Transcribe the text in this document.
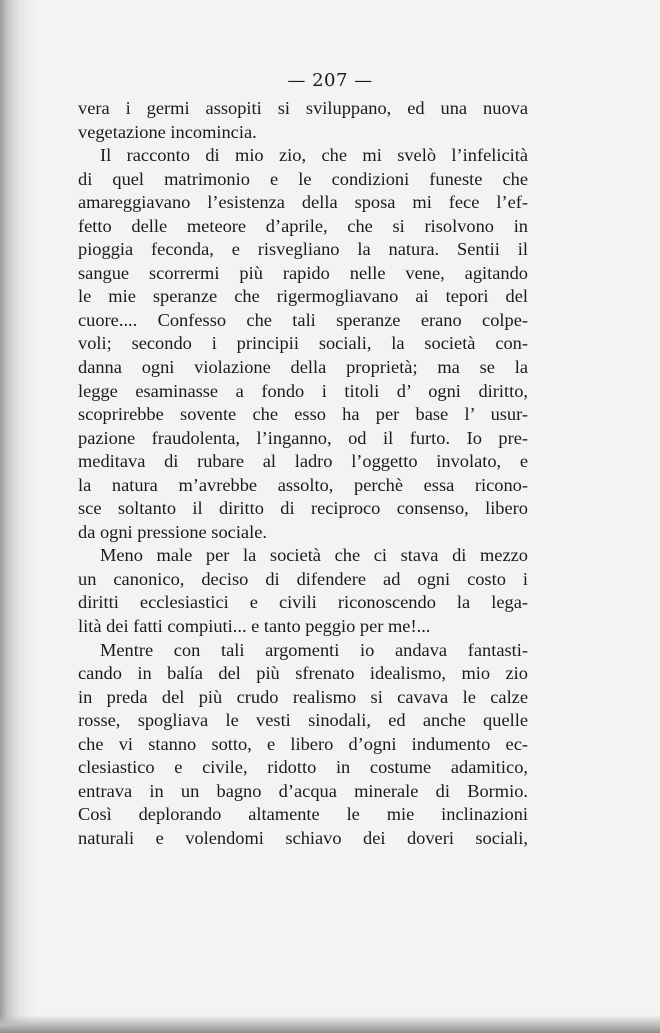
— 207 —
vera i germi assopiti si sviluppano, ed una nuova
vegetazione incomincia.
Il racconto di mio zio, che mi svelò l’infelicità
di quel matrimonio e le condizioni funeste che
amareggiavano l’esistenza della sposa mi fece l’ef-
fetto delle meteore d’aprile, che si risolvono in
pioggia feconda, e risvegliano la natura. Sentii il
sangue scorrermi più rapido nelle vene, agitando
le mie speranze che rigermogliavano ai tepori del
cuore.... Confesso che tali speranze erano colpe-
voli; secondo i principii sociali, la società con-
danna ogni violazione della proprietà; ma se la
legge esaminasse a fondo i titoli d’ ogni diritto,
scoprirebbe sovente che esso ha per base l’ usur-
pazione fraudolenta, l’inganno, od il furto. Io pre-
meditava di rubare al ladro l’oggetto involato, e
la natura m’avrebbe assolto, perchè essa ricono-
sce soltanto il diritto di reciproco consenso, libero
da ogni pressione sociale.
Meno male per la società che ci stava di mezzo
un canonico, deciso di difendere ad ogni costo i
diritti ecclesiastici e civili riconoscendo la lega-
lità dei fatti compiuti... e tanto peggio per me!...
Mentre con tali argomenti io andava fantasti-
cando in balía del più sfrenato idealismo, mio zio
in preda del più crudo realismo si cavava le calze
rosse, spogliava le vesti sinodali, ed anche quelle
che vi stanno sotto, e libero d’ogni indumento ec-
clesiastico e civile, ridotto in costume adamitico,
entrava in un bagno d’acqua minerale di Bormio.
Così deplorando altamente le mie inclinazioni
naturali e volendomi schiavo dei doveri sociali,
